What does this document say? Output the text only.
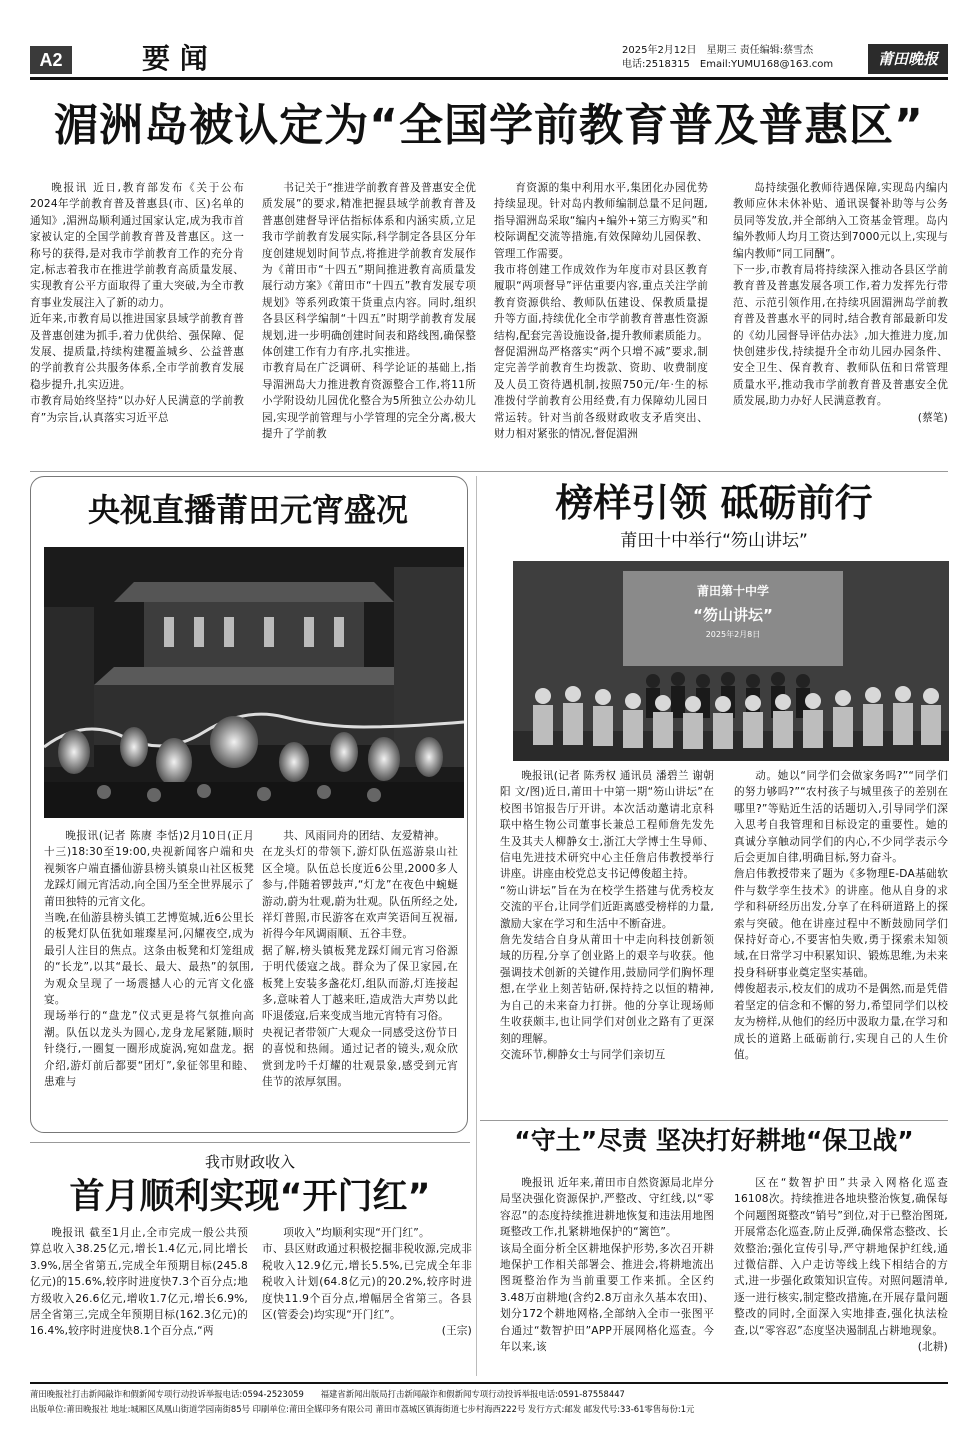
A2	要 闻	2025年2月12日　星期三 责任编辑:蔡雪杰
电话:2518315　Email:YUMU168@163.com	莆田晚报
湄洲岛被认定为“全国学前教育普及普惠区”

晚报讯 近日,教育部发布《关于公布2024年学前教育普及普惠县(市、区)名单的通知》,湄洲岛顺利通过国家认定,成为我市首家被认定的全国学前教育普及普惠区。这一称号的获得,是对我市学前教育工作的充分肯定,标志着我市在推进学前教育高质量发展、实现教育公平方面取得了重大突破,为全市教育事业发展注入了新的动力。
近年来,市教育局以推进国家县域学前教育普及普惠创建为抓手,着力优供给、强保障、促发展、提质量,持续构建覆盖城乡、公益普惠的学前教育公共服务体系,全市学前教育发展稳步提升,扎实迈进。
市教育局始终坚持“以办好人民满意的学前教育”为宗旨,认真落实习近平总

书记关于“推进学前教育普及普惠安全优质发展”的要求,精准把握县域学前教育普及普惠创建督导评估指标体系和内涵实质,立足我市学前教育发展实际,科学制定各县区分年度创建规划时间节点,将推进学前教育发展作为《莆田市“十四五”期间推进教育高质量发展行动方案》《莆田市“十四五”教育发展专项规划》等系列政策干货重点内容。同时,组织各县区科学编制“十四五”时期学前教育发展规划,进一步明确创建时间表和路线图,确保整体创建工作有力有序,扎实推进。
市教育局在广泛调研、科学论证的基础上,指导湄洲岛大力推进教育资源整合工作,将11所小学附设幼儿园优化整合为5所独立公办幼儿园,实现学前管理与小学管理的完全分离,极大提升了学前教

育资源的集中利用水平,集团化办园优势持续显现。针对岛内教师编制总量不足问题,指导湄洲岛采取“编内+编外+第三方购买”和校际调配交流等措施,有效保障幼儿园保教、管理工作需要。
我市将创建工作成效作为年度市对县区教育履职“两项督导”评估重要内容,重点关注学前教育资源供给、教师队伍建设、保教质量提升等方面,持续优化全市学前教育普惠性资源结构,配套完善设施设备,提升教师素质能力。督促湄洲岛严格落实“两个只增不减”要求,制定完善学前教育生均拨款、资助、收费制度及人员工资待遇机制,按照750元/年·生的标准拨付学前教育公用经费,有力保障幼儿园日常运转。针对当前各级财政收支矛盾突出、财力相对紧张的情况,督促湄洲

岛持续强化教师待遇保障,实现岛内编内教师应休未休补贴、通讯误餐补助等与公务员同等发放,并全部纳入工资基金管理。岛内编外教师人均月工资达到7000元以上,实现与编内教师“同工同酬”。
下一步,市教育局将持续深入推动各县区学前教育普及普惠发展各项工作,着力发挥先行带范、示范引领作用,在持续巩固湄洲岛学前教育普及普惠水平的同时,结合教育部最新印发的《幼儿园督导评估办法》,加大推进力度,加快创建步伐,持续提升全市幼儿园办园条件、安全卫生、保育教育、教师队伍和日常管理质量水平,推动我市学前教育普及普惠安全优质发展,助力办好人民满意教育。

(蔡笔)
央视直播莆田元宵盛况

晚报讯(记者 陈赓 李恬)2月10日(正月十三)18:30至19:00,央视新闻客户端和央视频客户端直播仙游县榜头镇泉山社区板凳龙踩灯闹元宵活动,向全国乃至全世界展示了莆田独特的元宵文化。
当晚,在仙游县榜头镇工艺博览城,近6公里长的板凳灯队伍犹如璀璨星河,闪耀夜空,成为最引人注目的焦点。这条由板凳和灯笼组成的“长龙”,以其“最长、最大、最热”的氛围,为观众呈现了一场震撼人心的元宵文化盛宴。
现场举行的“盘龙”仪式更是将气氛推向高潮。队伍以龙头为圆心,龙身龙尾紧随,顺时针绕行,一圈复一圈形成旋涡,宛如盘龙。据介绍,游灯前后都要“团灯”,象征邻里和睦、患难与

共、风雨同舟的团结、友爱精神。
在龙头灯的带领下,游灯队伍巡游泉山社区全境。队伍总长度近6公里,2000多人参与,伴随着锣鼓声,“灯龙”在夜色中蜿蜒游动,蔚为壮观,蔚为壮观。队伍所经之处,祥灯普照,市民游客在欢声笑语间互祝福,祈得今年风调雨顺、五谷丰登。
据了解,榜头镇板凳龙踩灯闹元宵习俗源于明代倭寇之战。群众为了保卫家园,在板凳上安装多盏花灯,组队而游,灯连接起多,意味着人丁越来旺,造成浩大声势以此吓退倭寇,后来变成当地元宵特有习俗。
央视记者带领广大观众一同感受这份节日的喜悦和热闹。通过记者的镜头,观众欣赏到龙吟千灯耀的壮观景象,感受到元宵佳节的浓厚氛围。

榜样引领 砥砺前行
莆田十中举行“笏山讲坛”
莆田第十中学
“笏山讲坛”
2025年2月8日

晚报讯(记者 陈秀权 通讯员 潘碧兰 谢朝阳 文/图)近日,莆田十中第一期“笏山讲坛”在校图书馆报告厅开讲。本次活动邀请北京科联中格生物公司董事长兼总工程师詹先发先生及其夫人柳静女士,浙江大学博士生导师、信电先进技术研究中心主任詹启伟教授举行讲座。讲座由校党总支书记傅俊超主持。
“笏山讲坛”旨在为在校学生搭建与优秀校友交流的平台,让同学们近距离感受榜样的力量,激励大家在学习和生活中不断奋进。
詹先发结合自身从莆田十中走向科技创新领域的历程,分享了创业路上的艰辛与收获。他强调技术创新的关键作用,鼓励同学们胸怀理想,在学业上刻苦钻研,保持持之以恒的精神,为自己的未来奋力打拼。他的分享让现场师生收获颇丰,也让同学们对创业之路有了更深刻的理解。
交流环节,柳静女士与同学们亲切互

动。她以“同学们会做家务吗?”“同学们的努力够吗?”“农村孩子与城里孩子的差别在哪里?”等贴近生活的话题切入,引导同学们深入思考自我管理和目标设定的重要性。她的真诚分享触动同学们的内心,不少同学表示今后会更加自律,明确目标,努力奋斗。
詹启伟教授带来了题为《多物理E-DA基础软件与数学孪生技术》的讲座。他从自身的求学和科研经历出发,分享了在科研道路上的探索与突破。他在讲座过程中不断鼓励同学们保持好奇心,不要害怕失败,勇于探索未知领域,在日常学习中积累知识、锻炼思维,为未来投身科研事业奠定坚实基础。
傅俊超表示,校友们的成功不是偶然,而是凭借着坚定的信念和不懈的努力,希望同学们以校友为榜样,从他们的经历中汲取力量,在学习和成长的道路上砥砺前行,实现自己的人生价值。

“守土”尽责 坚决打好耕地“保卫战”

晚报讯 近年来,莆田市自然资源局北岸分局坚决强化资源保护,严整改、守红线,以“零容忍”的态度持续推进耕地恢复和违法用地图斑整改工作,扎紧耕地保护的“篱笆”。
该局全面分析全区耕地保护形势,多次召开耕地保护工作相关部署会、推进会,将耕地流出图斑整治作为当前重要工作来抓。全区约3.48万亩耕地(含约2.8万亩永久基本农田)、划分172个耕地网格,全部纳入全市一张图平台通过“数智护田”APP开展网格化巡查。今年以来,该

区在“数智护田”共录入网格化巡查16108次。持续推进各地块整治恢复,确保每个问题图斑整改“销号”到位,对于已整治图斑,开展常态化巡查,防止反弹,确保常态整改、长效整治;强化宣传引导,严守耕地保护红线,通过微信群、入户走访等线上线下相结合的方式,进一步强化政策知识宣传。对照问题清单,逐一进行核实,制定整改措施,在开展存量问题整改的同时,全面深入实地排查,强化执法检查,以“零容忍”态度坚决遏制乱占耕地现象。

(北耕)
我市财政收入
首月顺利实现“开门红”

晚报讯 截至1月止,全市完成一般公共预算总收入38.25亿元,增长1.4亿元,同比增长3.9%,居全省第五,完成全年预期目标(245.8亿元)的15.6%,较序时进度快7.3个百分点;地方级收入26.6亿元,增收1.7亿元,增长6.9%,居全省第三,完成全年预期目标(162.3亿元)的16.4%,较序时进度快8.1个百分点,“两

项收入”均顺利实现“开门红”。
市、县区财政通过积极挖掘非税收源,完成非税收入12.9亿元,增长5.5%,已完成全年非税收入计划(64.8亿元)的20.2%,较序时进度快11.9个百分点,增幅居全省第三。各县区(管委会)均实现“开门红”。

(王宗)
莆田晚报社打击新闻敲诈和假新闻专项行动投诉举报电话:0594-2523059　　福建省新闻出版局打击新闻敲诈和假新闻专项行动投诉举报电话:0591-87558447
出版单位:莆田晚报社 地址:城厢区凤凰山街道学园南街85号 印刷单位:莆田全媒印务有限公司 莆田市荔城区镇海街道七步村海西222号 发行方式:邮发 邮发代号:33-61零售每份:1元
